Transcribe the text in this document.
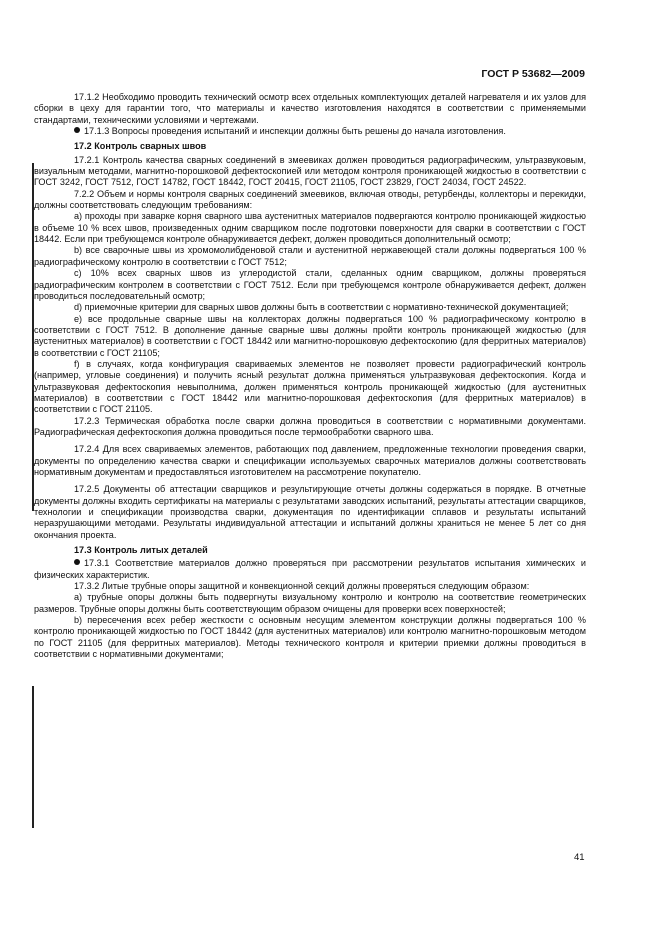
ГОСТ Р 53682—2009

17.1.2 Необходимо проводить технический осмотр всех отдельных комплектующих деталей нагревателя и их узлов для сборки в цеху для гарантии того, что материалы и качество изготовления находятся в соответствии с применяемыми стандартами, техническими условиями и чертежами.

17.1.3 Вопросы проведения испытаний и инспекции должны быть решены до начала изготовления.

17.2 Контроль сварных швов

17.2.1 Контроль качества сварных соединений в змеевиках должен проводиться радиографическим, ультразвуковым, визуальным методами, магнитно-порошковой дефектоскопией или методом контроля проникающей жидкостью в соответствии с ГОСТ 3242, ГОСТ 7512, ГОСТ 14782, ГОСТ 18442, ГОСТ 20415, ГОСТ 21105, ГОСТ 23829, ГОСТ 24034, ГОСТ 24522.

7.2.2 Объем и нормы контроля сварных соединений змеевиков, включая отводы, ретурбенды, коллекторы и перекидки, должны соответствовать следующим требованиям:

a) проходы при заварке корня сварного шва аустенитных материалов подвергаются контролю проникающей жидкостью в объеме 10 % всех швов, произведенных одним сварщиком после подготовки поверхности для сварки в соответствии с ГОСТ 18442. Если при требующемся контроле обнаруживается дефект, должен проводиться дополнительный осмотр;

b) все сварочные швы из хромомолибденовой стали и аустенитной нержавеющей стали должны подвергаться 100 % радиографическому контролю в соответствии с ГОСТ 7512;

c) 10% всех сварных швов из углеродистой стали, сделанных одним сварщиком, должны проверяться радиографическим контролем в соответствии с ГОСТ 7512. Если при требующемся контроле обнаруживается дефект, должен проводиться последовательный осмотр;

d) приемочные критерии для сварных швов должны быть в соответствии с нормативно-технической документацией;

e) все продольные сварные швы на коллекторах должны подвергаться 100 % радиографическому контролю в соответствии с ГОСТ 7512. В дополнение данные сварные швы должны пройти контроль проникающей жидкостью (для аустенитных материалов) в соответствии с ГОСТ 18442 или магнитно-порошковую дефектоскопию (для ферритных материалов) в соответствии с ГОСТ 21105;

f) в случаях, когда конфигурация свариваемых элементов не позволяет провести радиографический контроль (например, угловые соединения) и получить ясный результат должна применяться ультразвуковая дефектоскопия. Когда и ультразвуковая дефектоскопия невыполнима, должен применяться контроль проникающей жидкостью (для аустенитных материалов) в соответствии с ГОСТ 18442 или магнитно-порошковая дефектоскопия (для ферритных материалов) в соответствии с ГОСТ 21105.

17.2.3 Термическая обработка после сварки должна проводиться в соответствии с нормативными документами. Радиографическая дефектоскопия должна проводиться после термообработки сварного шва.

17.2.4 Для всех свариваемых элементов, работающих под давлением, предложенные технологии проведения сварки, документы по определению качества сварки и спецификации используемых сварочных материалов должны соответствовать нормативным документам и предоставляться изготовителем на рассмотрение покупателю.

17.2.5 Документы об аттестации сварщиков и результирующие отчеты должны содержаться в порядке. В отчетные документы должны входить сертификаты на материалы с результатами заводских испытаний, результаты аттестации сварщиков, технологии и спецификации производства сварки, документация по идентификации сплавов и результаты испытаний неразрушающими методами. Результаты индивидуальной аттестации и испытаний должны храниться не менее 5 лет со дня окончания проекта.

17.3 Контроль литых деталей

17.3.1 Соответствие материалов должно проверяться при рассмотрении результатов испытания химических и физических характеристик.

17.3.2 Литые трубные опоры защитной и конвекционной секций должны проверяться следующим образом:

a) трубные опоры должны быть подвергнуты визуальному контролю и контролю на соответствие геометрических размеров. Трубные опоры должны быть соответствующим образом очищены для проверки всех поверхностей;

b) пересечения всех ребер жесткости с основным несущим элементом конструкции должны подвергаться 100 % контролю проникающей жидкостью по ГОСТ 18442 (для аустенитных материалов) или контролю магнитно-порошковым методом по ГОСТ 21105 (для ферритных материалов). Методы технического контроля и критерии приемки должны проводиться в соответствии с нормативными документами;

41
